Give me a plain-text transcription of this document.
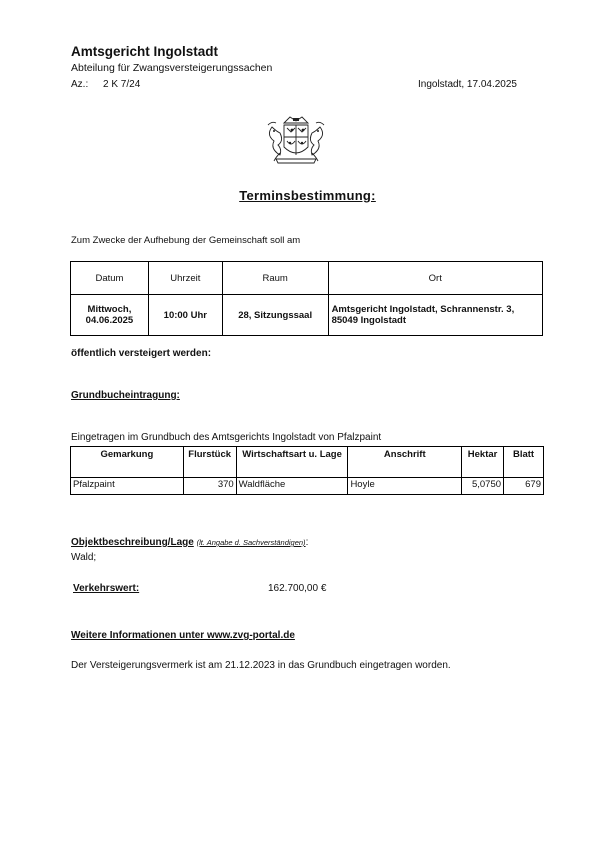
Amtsgericht Ingolstadt
Abteilung für Zwangsversteigerungssachen
Az.: 2 K 7/24	Ingolstadt, 17.04.2025
Terminsbestimmung:
Zum Zwecke der Aufhebung der Gemeinschaft soll am
Datum	Uhrzeit	Raum	Ort
Mittwoch,
04.06.2025	10:00 Uhr	28, Sitzungssaal	Amtsgericht Ingolstadt, Schrannenstr. 3, 85049 Ingolstadt
öffentlich versteigert werden:
Grundbucheintragung:
Eingetragen im Grundbuch des Amtsgerichts Ingolstadt von Pfalzpaint
Gemarkung	Flurstück	Wirtschaftsart u. Lage	Anschrift	Hektar	Blatt
Pfalzpaint	370	Waldfläche	Hoyle	5,0750	679
Objektbeschreibung/Lage (lt. Angabe d. Sachverständigen):
Wald;
Verkehrswert:	162.700,00 €
Weitere Informationen unter www.zvg-portal.de
Der Versteigerungsvermerk ist am 21.12.2023 in das Grundbuch eingetragen worden.
